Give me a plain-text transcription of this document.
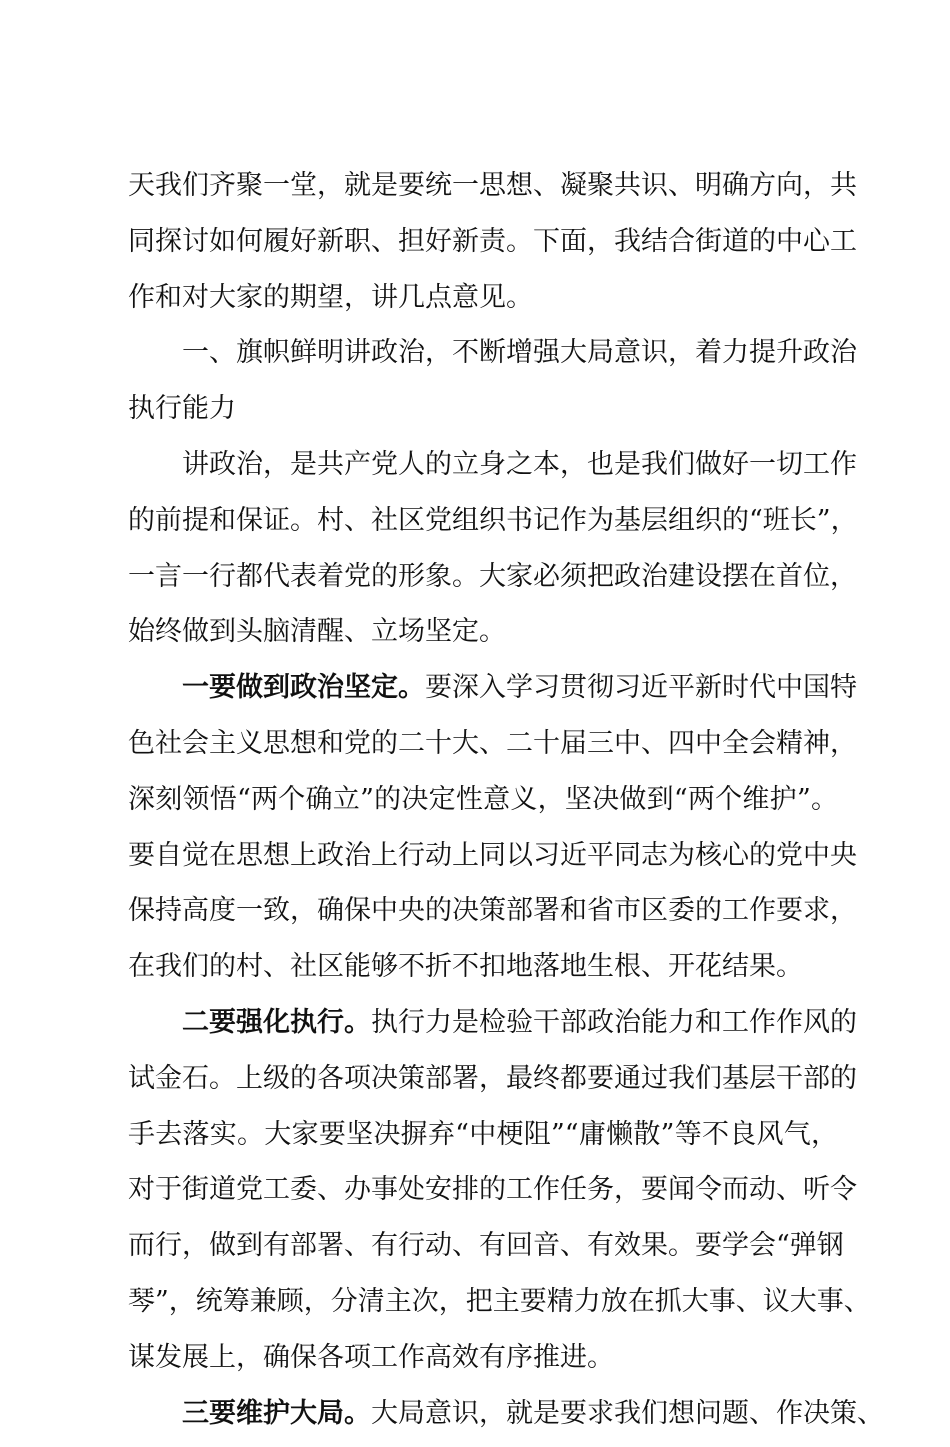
天我们齐聚一堂，就是要统一思想、凝聚共识、明确方向，共
同探讨如何履好新职、担好新责。下面，我结合街道的中心工
作和对大家的期望，讲几点意见。
一、旗帜鲜明讲政治，不断增强大局意识，着力提升政治
执行能力
讲政治，是共产党人的立身之本，也是我们做好一切工作
的前提和保证。村、社区党组织书记作为基层组织的“班长”，
一言一行都代表着党的形象。大家必须把政治建设摆在首位，
始终做到头脑清醒、立场坚定。
一要做到政治坚定。要深入学习贯彻习近平新时代中国特
色社会主义思想和党的二十大、二十届三中、四中全会精神，
深刻领悟“两个确立”的决定性意义，坚决做到“两个维护”。
要自觉在思想上政治上行动上同以习近平同志为核心的党中央
保持高度一致，确保中央的决策部署和省市区委的工作要求，
在我们的村、社区能够不折不扣地落地生根、开花结果。
二要强化执行。执行力是检验干部政治能力和工作作风的
试金石。上级的各项决策部署，最终都要通过我们基层干部的
手去落实。大家要坚决摒弃“中梗阻”“庸懒散”等不良风气，
对于街道党工委、办事处安排的工作任务，要闻令而动、听令
而行，做到有部署、有行动、有回音、有效果。要学会“弹钢
琴”，统筹兼顾，分清主次，把主要精力放在抓大事、议大事、
谋发展上，确保各项工作高效有序推进。
三要维护大局。大局意识，就是要求我们想问题、作决策、
